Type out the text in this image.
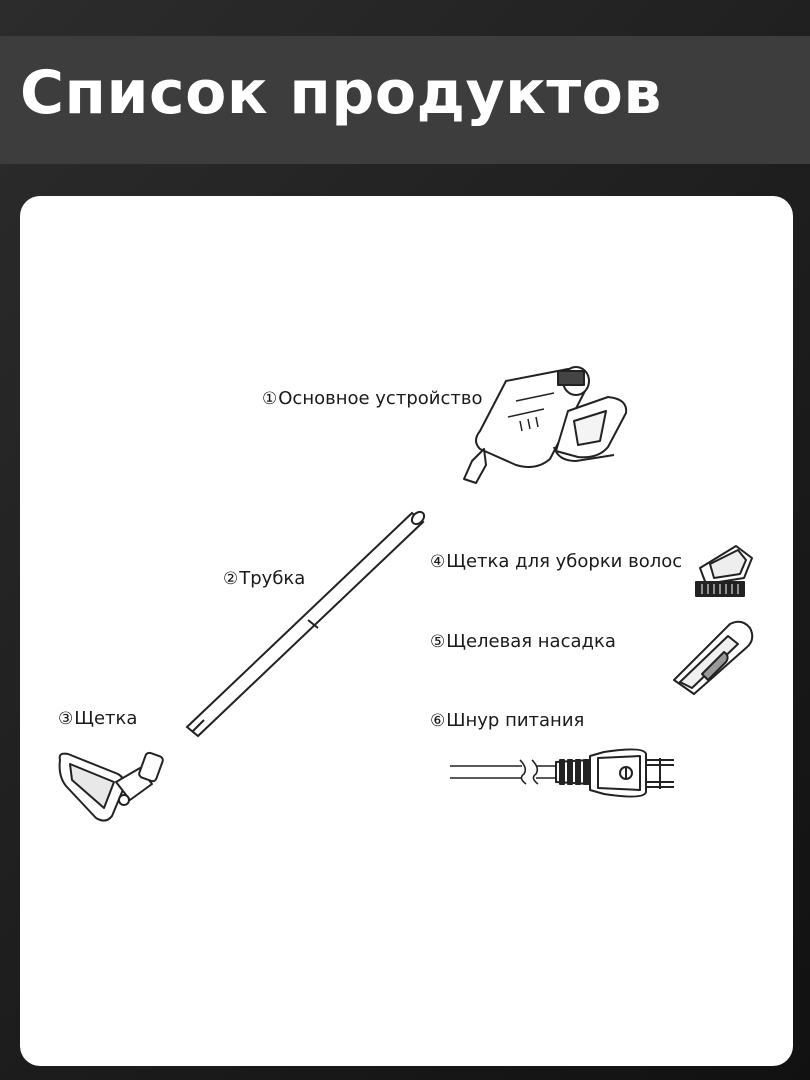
Список продуктов
①Основное устройство
②Трубка
③Щетка
④Щетка для уборки волос
⑤Щелевая насадка
⑥Шнур питания
